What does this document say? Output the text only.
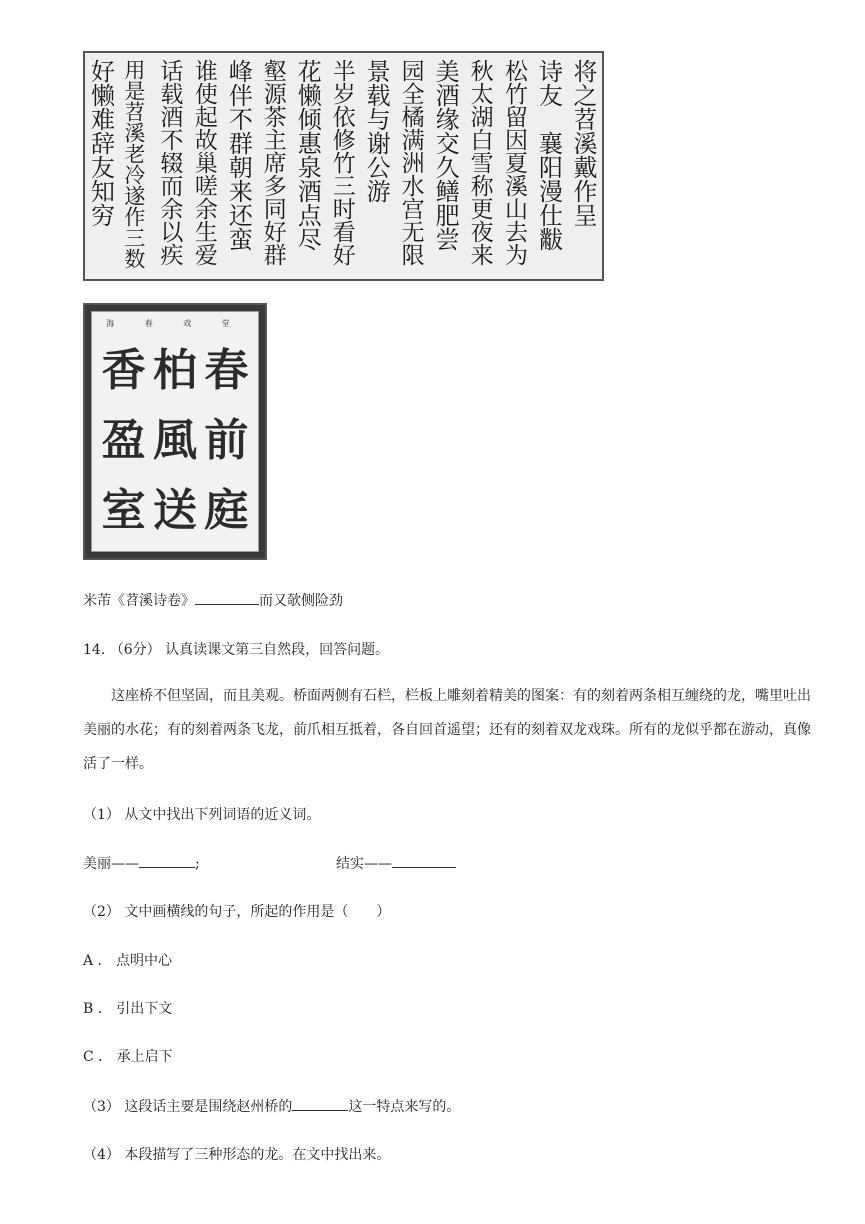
将之苕溪戴作呈
诗友　襄阳漫仕黻
松竹留因夏溪山去为
秋太湖白雪称更夜来
美酒缘交久鳝肥尝
园全橘满洲水宫无限
景载与谢公游
半岁依修竹三时看好
花懒倾惠泉酒点尽
壑源茶主席多同好群
峰伴不群朝来还蛮
谁使起故巢嗟余生爱
话载酒不辍而余以疾
用是苕溪老冷遂作三数
好懒难辞友知穷
海 春 戏 堂
香 柏 春
盈 風 前
室 送 庭
米芾《苕溪诗卷》	而又欹侧险劲
14. （6分） 认真读课文第三自然段，回答问题。
这座桥不但坚固，而且美观。桥面两侧有石栏，栏板上雕刻着精美的图案：有的刻着两条相互缠绕的龙，嘴里吐出美丽的水花；有的刻着两条飞龙，前爪相互抵着，各自回首遥望；还有的刻着双龙戏珠。所有的龙似乎都在游动，真像活了一样。
（1） 从文中找出下列词语的近义词。
美丽——	;	结实——
（2） 文中画横线的句子，所起的作用是（　　）
A ． 点明中心
B ． 引出下文
C ． 承上启下
（3） 这段话主要是围绕赵州桥的	这一特点来写的。
（4） 本段描写了三种形态的龙。在文中找出来。
